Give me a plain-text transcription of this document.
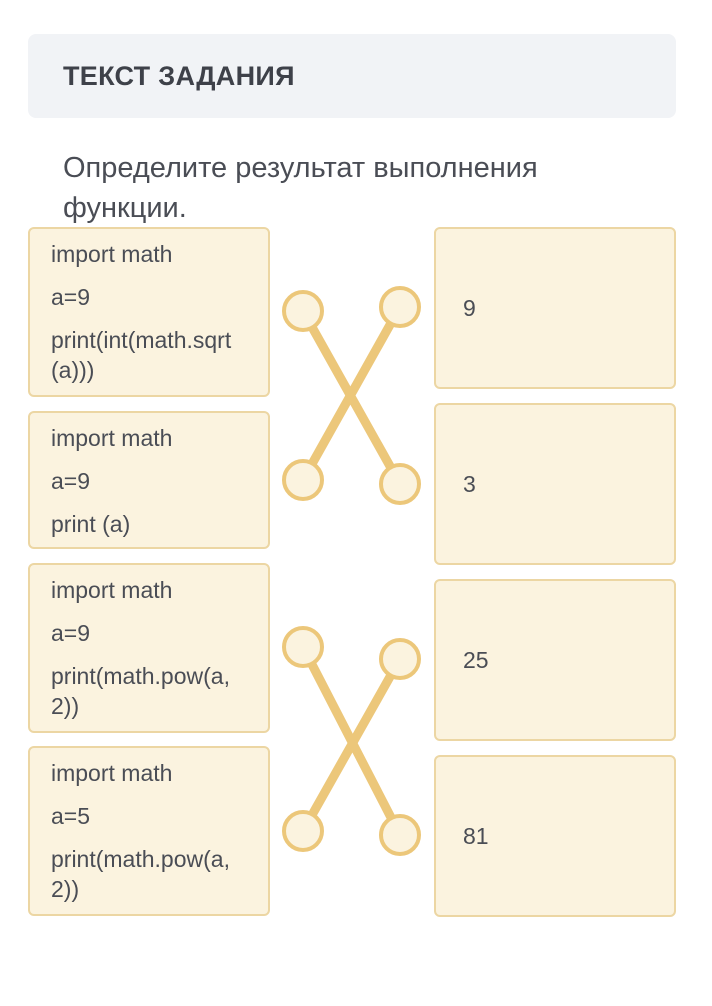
ТЕКСТ ЗАДАНИЯ
Определите результат выполнения функции.
import math
a=9
print(int(math.sqrt(a)))
import math
a=9
print (a)
import math
a=9
print(math.pow(a, 2))
import math
a=5
print(math.pow(a, 2))
9
3
25
81
